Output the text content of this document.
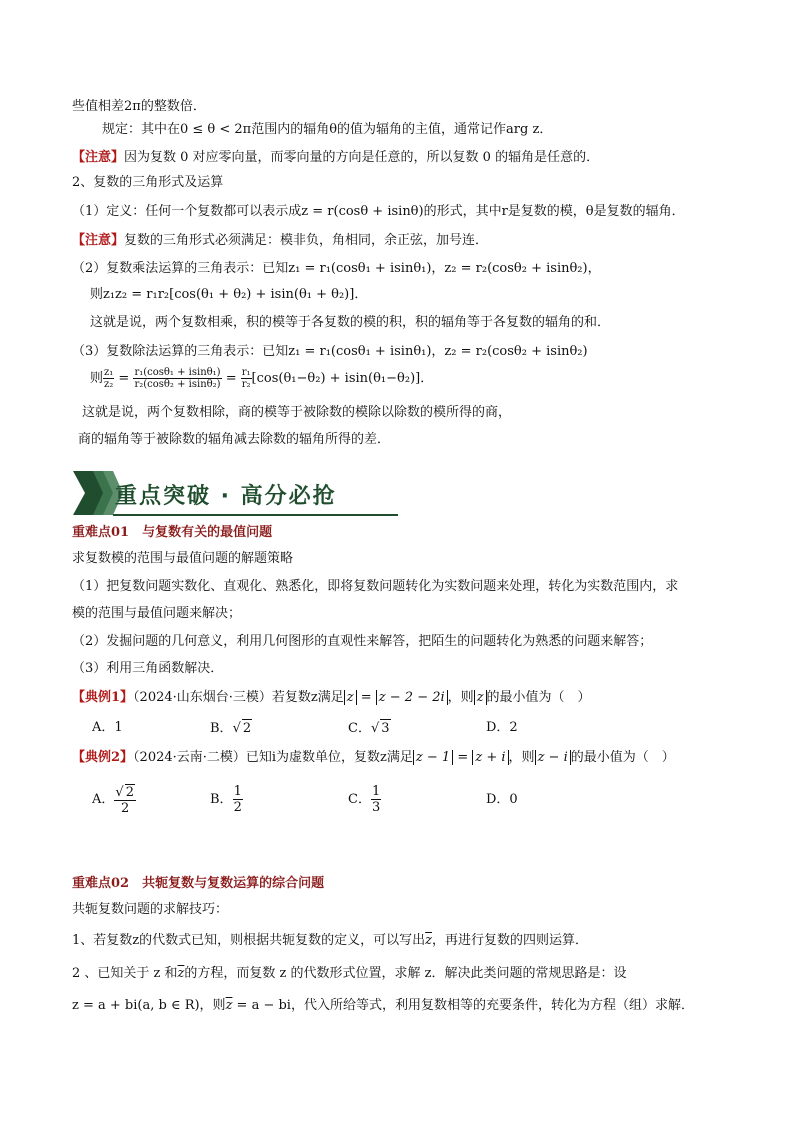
些值相差2π的整数倍．
规定：其中在0 ≤ θ < 2π范围内的辐角θ的值为辐角的主值，通常记作arg z．
【注意】因为复数 0 对应零向量，而零向量的方向是任意的，所以复数 0 的辐角是任意的．
2、复数的三角形式及运算
（1）定义：任何一个复数都可以表示成z = r(cosθ + isinθ)的形式，其中r是复数的模，θ是复数的辐角．
【注意】复数的三角形式必须满足：模非负，角相同，余正弦，加号连．
（2）复数乘法运算的三角表示：已知z₁ = r₁(cosθ₁ + isinθ₁)，z₂ = r₂(cosθ₂ + isinθ₂)，
则z₁z₂ = r₁r₂[cos(θ₁ + θ₂) + isin(θ₁ + θ₂)]．
这就是说，两个复数相乘，积的模等于各复数的模的积，积的辐角等于各复数的辐角的和．
（3）复数除法运算的三角表示：已知z₁ = r₁(cosθ₁ + isinθ₁)，z₂ = r₂(cosθ₂ + isinθ₂)
则 $\frac{\text{z₁}}{\text{z₂}} = \frac{\text{r₁(cosθ₁ + isinθ₁)}}{\text{r₂(cosθ₂ + isinθ₂)}} = \frac{\text{r₁}}{\text{r₂}} [\cos(\theta_1-\theta_2) + isin(\theta_1-\theta_2)]$．
这就是说，两个复数相除，商的模等于被除数的模除以除数的模所得的商，
商的辐角等于被除数的辐角减去除数的辐角所得的差．
重点突破 · 高分必抢
重难点01　与复数有关的最值问题
求复数模的范围与最值问题的解题策略
（1）把复数问题实数化、直观化、熟悉化，即将复数问题转化为实数问题来处理，转化为实数范围内，求
模的范围与最值问题来解决；
（2）发掘问题的几何意义，利用几何图形的直观性来解答，把陌生的问题转化为熟悉的问题来解答；
（3）利用三角函数解决．
【典例1】（2024·山东烟台·三模）若复数z满足 z = z − 2 − 2i ，则 z 的最小值为（　）
A．1	B．√ 2	C．√ 3	D．2
【典例2】（2024·云南·二模）已知i为虚数单位，复数z满足 z − 1 = z + i ，则 z − i 的最小值为（　）
A． $\frac{√ 2}{2}$	B． $\frac{1}{2}$	C． $\frac{1}{3}$	D．0
重难点02　共轭复数与复数运算的综合问题
共轭复数问题的求解技巧：
1、若复数z的代数式已知，则根据共轭复数的定义，可以写出$\overline{z}$，再进行复数的四则运算．
2 、已知关于 z 和$\overline{z}$的方程，而复数 z 的代数形式位置，求解 z．解决此类问题的常规思路是：设
z = a + bi(a, b ∈ R)，则$\overline{z} = a$ − bi，代入所给等式，利用复数相等的充要条件，转化为方程（组）求解．
